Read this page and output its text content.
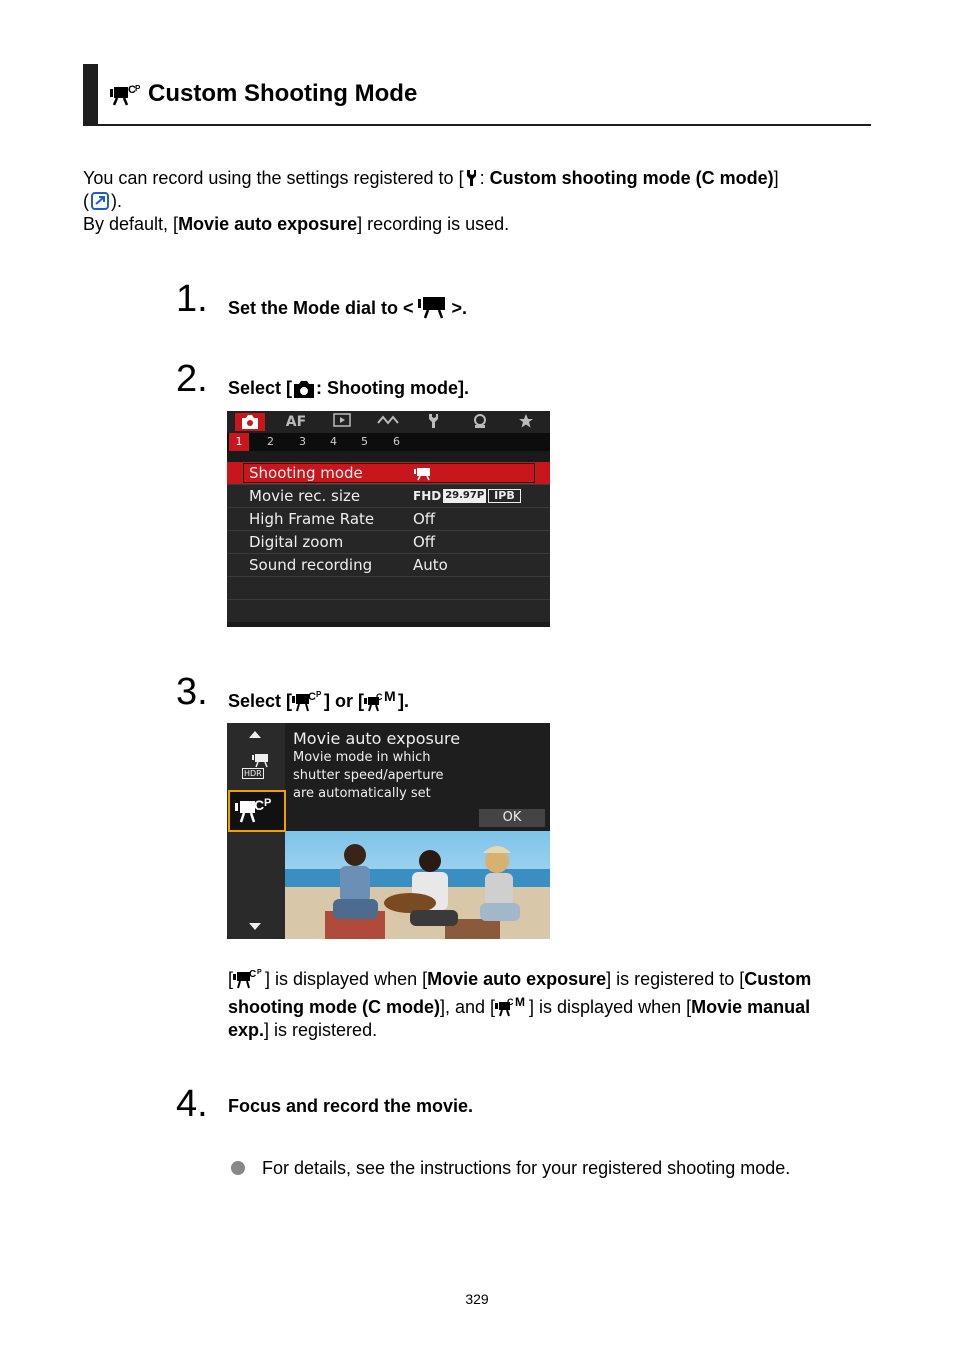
C P Custom Shooting Mode
You can record using the settings registered to [ : Custom shooting mode (C mode)]
( ).
By default, [Movie auto exposure] recording is used.
1. Set the Mode dial to < >.
2. Select [ : Shooting mode].
AF
1	2 3 4 5 6
Shooting mode
Movie rec. size	FHD 29.97P IPB
High Frame Rate	Off
Digital zoom	Off
Sound recording	Auto
3. Select [ C P ] or [ C M ].
HDR
C P
Movie auto exposure
Movie mode in which
shutter speed/aperture
are automatically set
OK
[ C P ] is displayed when [Movie auto exposure] is registered to [Custom
shooting mode (C mode)], and [ C M ] is displayed when [Movie manual
exp.] is registered.
4. Focus and record the movie.
For details, see the instructions for your registered shooting mode.
329
